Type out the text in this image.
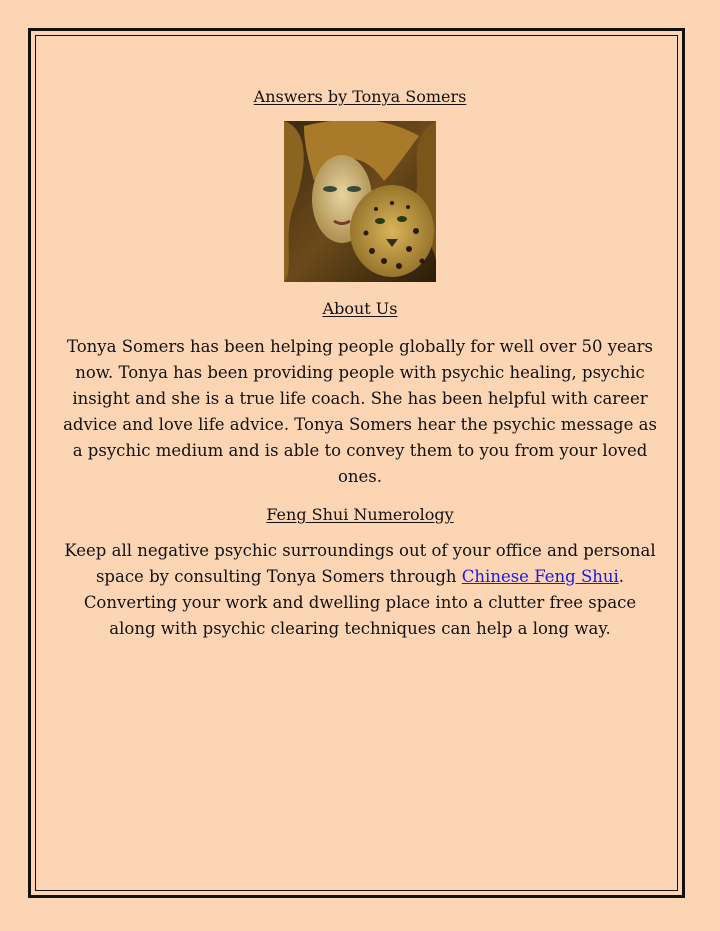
Answers by Tonya Somers
About Us
Tonya Somers has been helping people globally for well over 50 years now. Tonya has been providing people with psychic healing, psychic insight and she is a true life coach. She has been helpful with career advice and love life advice. Tonya Somers hear the psychic message as a psychic medium and is able to convey them to you from your loved ones.
Feng Shui Numerology
Keep all negative psychic surroundings out of your office and personal space by consulting Tonya Somers through Chinese Feng Shui. Converting your work and dwelling place into a clutter free space along with psychic clearing techniques can help a long way.
